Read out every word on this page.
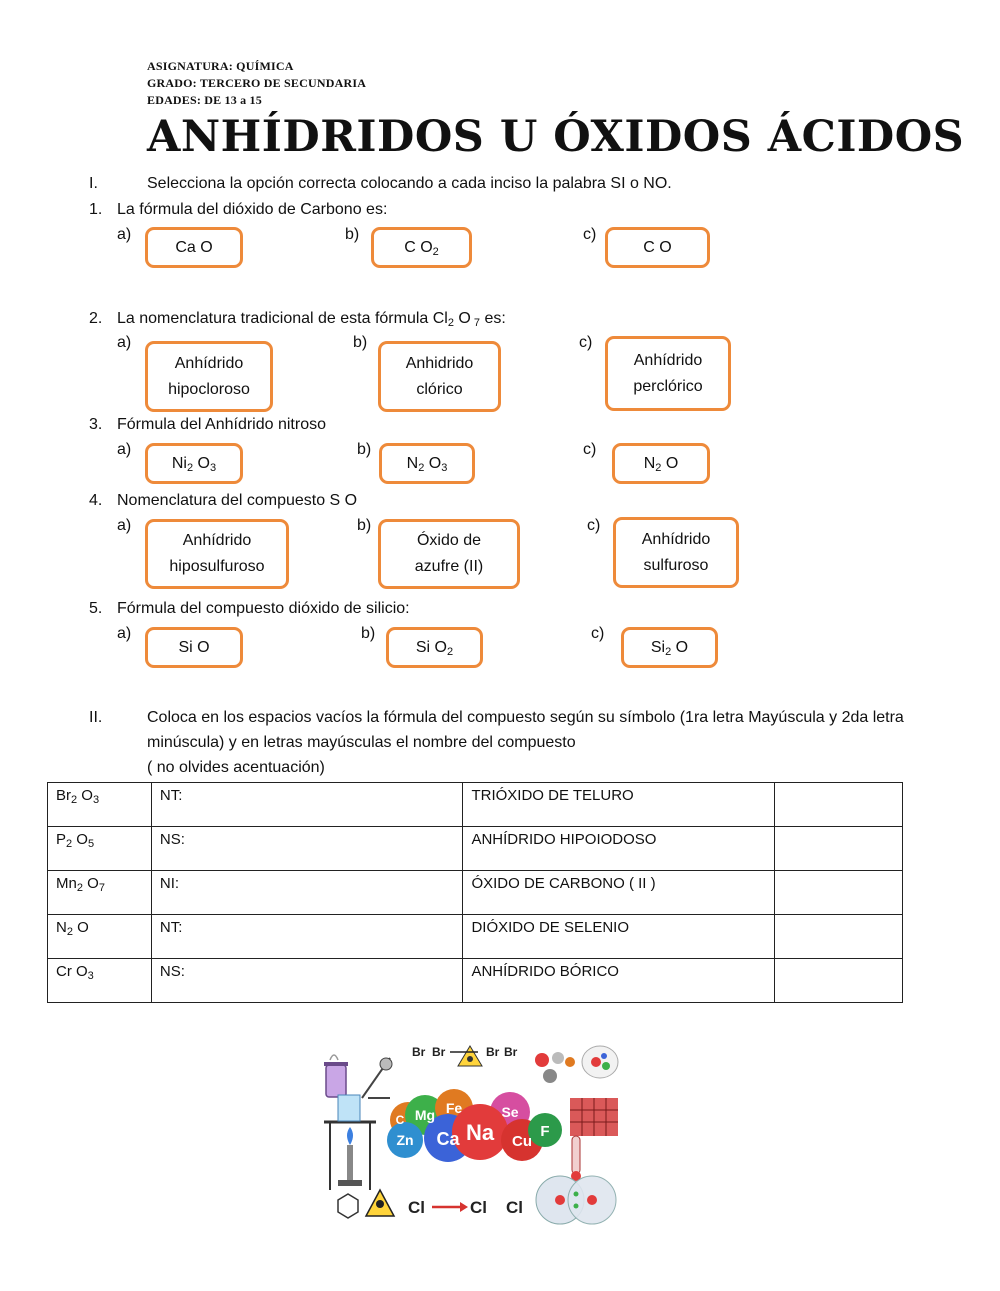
ASIGNATURA: QUÍMICA
GRADO: TERCERO DE SECUNDARIA
EDADES: DE 13 a 15
ANHÍDRIDOS U ÓXIDOS ÁCIDOS
I.	Selecciona la opción correcta colocando a cada inciso la palabra SI o NO.
1. La fórmula del dióxido de Carbono es:
a)
Ca O
b)
C $O_2$
c)
C O
2. La nomenclatura tradicional de esta fórmula $Cl_2$ O $_7$ es:
a)
Anhídrido
hipocloroso
b)
Anhidrido
clórico
c)
Anhídrido
perclórico
3. Fórmula del Anhídrido nitroso
a)
$Ni_2$ $O_3$
b)
$N_2$ $O_3$
c)
$N_2$ O
4. Nomenclatura del compuesto S O
a)
Anhídrido
hiposulfuroso
b)
Óxido de
azufre (II)
c)
Anhídrido
sulfuroso
5. Fórmula del compuesto dióxido de silicio:
a)
Si O
b)
Si $O_2$
c)
$Si_2$ O
II.	Coloca en los espacios vacíos la fórmula del compuesto según su símbolo (1ra letra Mayúscula y 2da letra
minúscula) y en letras mayúsculas el nombre del compuesto
( no olvides acentuación)
$Br_2$ $O_3$	NT:	TRIÓXIDO DE TELURO	
$P_2$ $O_5$	NS:	ANHÍDRIDO HIPOIODOSO	
$Mn_2$ $O_7$	NI:	ÓXIDO DE CARBONO ( II )	
$N_2$ O	NT:	DIÓXIDO DE SELENIO	
Cr $O_3$	NS:	ANHÍDRIDO BÓRICO	
C Mg Fe	Se
Zn Ca Na Cu
F
Br Br	Br Br
Cl	Cl Cl
